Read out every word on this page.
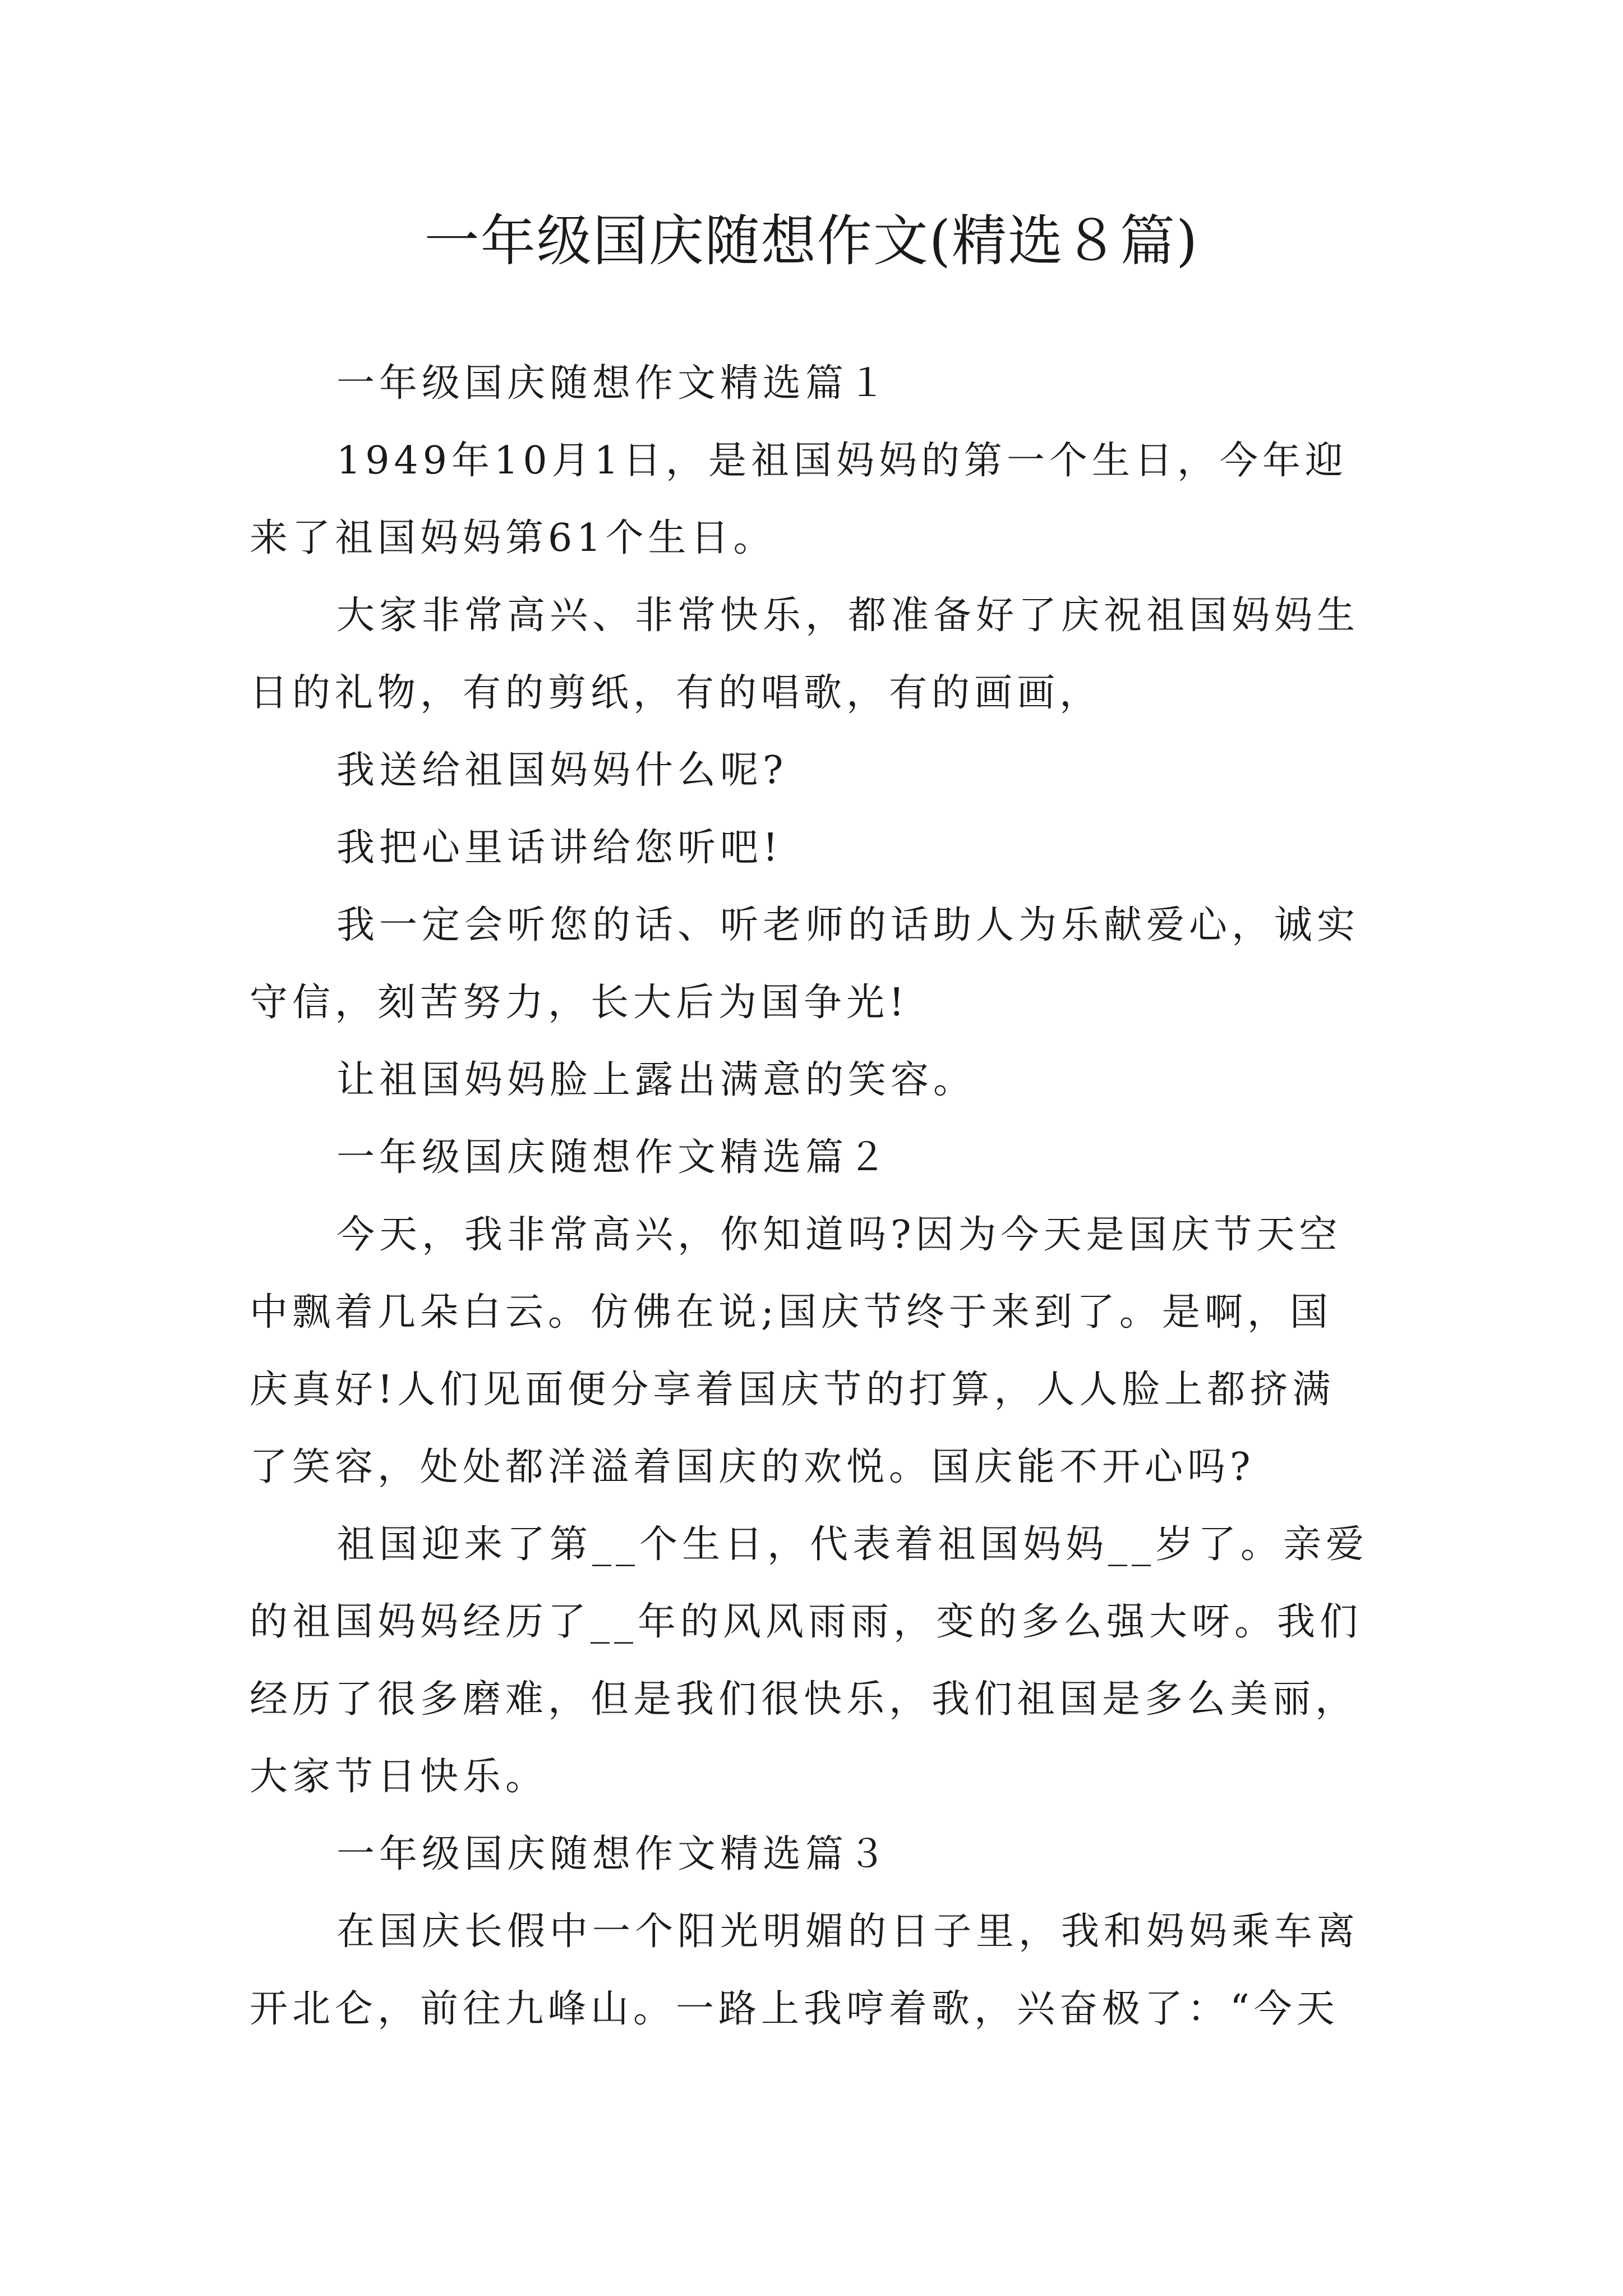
一年级国庆随想作文(精选８篇)
一年级国庆随想作文精选篇１
1949年10月1日，是祖国妈妈的第一个生日，今年迎
来了祖国妈妈第61个生日。
大家非常高兴、非常快乐，都准备好了庆祝祖国妈妈生
日的礼物，有的剪纸，有的唱歌，有的画画，
我送给祖国妈妈什么呢?
我把心里话讲给您听吧!
我一定会听您的话、听老师的话助人为乐献爱心，诚实
守信，刻苦努力，长大后为国争光!
让祖国妈妈脸上露出满意的笑容。
一年级国庆随想作文精选篇２
今天，我非常高兴，你知道吗?因为今天是国庆节天空
中飘着几朵白云。仿佛在说;国庆节终于来到了。是啊，国
庆真好!人们见面便分享着国庆节的打算，人人脸上都挤满
了笑容，处处都洋溢着国庆的欢悦。国庆能不开心吗?
祖国迎来了第__个生日，代表着祖国妈妈__岁了。亲爱
的祖国妈妈经历了__年的风风雨雨，变的多么强大呀。我们
经历了很多磨难，但是我们很快乐，我们祖国是多么美丽，
大家节日快乐。
一年级国庆随想作文精选篇３
在国庆长假中一个阳光明媚的日子里，我和妈妈乘车离
开北仑，前往九峰山。一路上我哼着歌，兴奋极了：“今天
